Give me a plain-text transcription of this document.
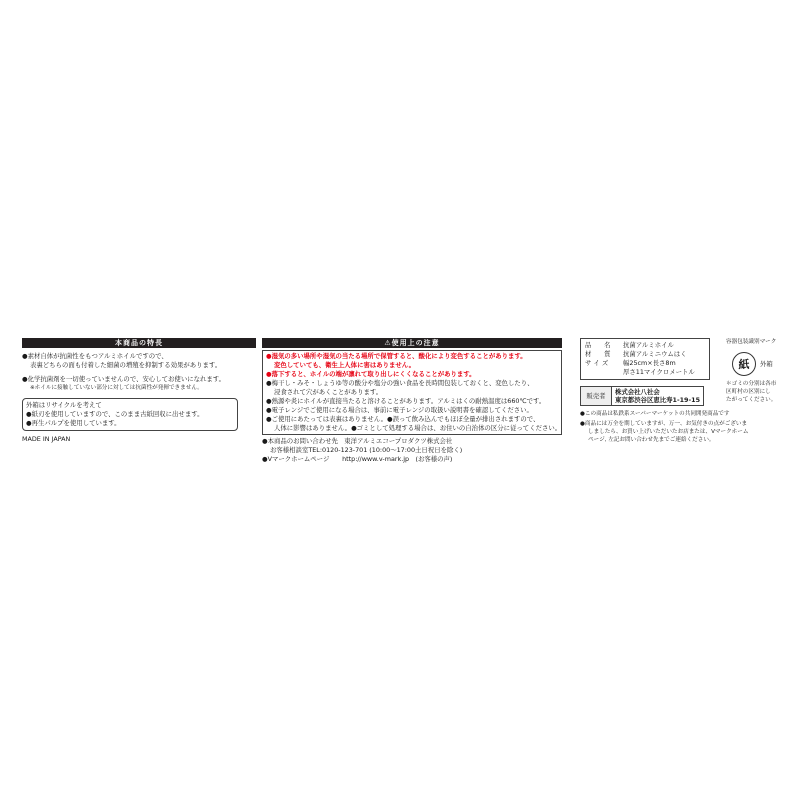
本商品の特長
●素材自体が抗菌性をもつアルミホイルですので、
表裏どちらの面も付着した細菌の増殖を抑制する効果があります。
●化学抗菌剤を一切使っていませんので、安心してお使いになれます。
※ホイルに接触していない部分に対しては抗菌性が発揮できません。
外箱はリサイクルを考えて
●紙刃を使用していますので、このまま古紙回収に出せます。
●再生パルプを使用しています。
MADE IN JAPAN
⚠使用上の注意
●湿気の多い場所や湿気の当たる場所で保管すると、酸化により変色することがあります。
変色していても、衛生上人体に害はありません。
●落下すると、ホイルの端が凛れて取り出しにくくなることがあります。
●梅干し・みそ・しょうゆ等の酸分や塩分の強い食品を長時間包装しておくと、変色したり、
浸食されて穴があくことがあります。
●熱源や炎にホイルが直接当たると溶けることがあります。アルミはくの耐熱温度は660℃です。
●電子レンジでご使用になる場合は、事前に電子レンジの取扱い説明書を確認してください。
●ご使用にあたっては表裏はありません。●誤って飲み込んでもほぼ全量が排出されますので、
人体に影響はありません。●ゴミとして処理する場合は、お住いの自治体の区分に従ってください。
●本商品のお問い合わせ先　東洋アルミエコープロダクツ株式会社
お客様相談室TEL:0120-123-701 (10:00〜17:00土日祝日を除く)
●Vマークホームページ　　http://www.v-mark.jp　(お客様の声)
品　　名 抗菌アルミホイル
材　　質 抗菌アルミニウムはく
サ イ ズ 幅25cm×長さ8m
厚さ11マイクロメートル
販売者	株式会社八社会
東京都渋谷区恵比寿1-19-15
●この商品は私鉄系スーパーマーケットの共同開発商品です
●商品には万全を期していますが、万一、お気付きの点がございま
しましたら、お買い上げいただいたお店または、Vマークホーム
ページ, 左記お問い合わせ先までご連絡ください。
容器包装識別マーク
紙	外箱
＊ゴミの分別は各市
区町村の区別にし
たがってください。
